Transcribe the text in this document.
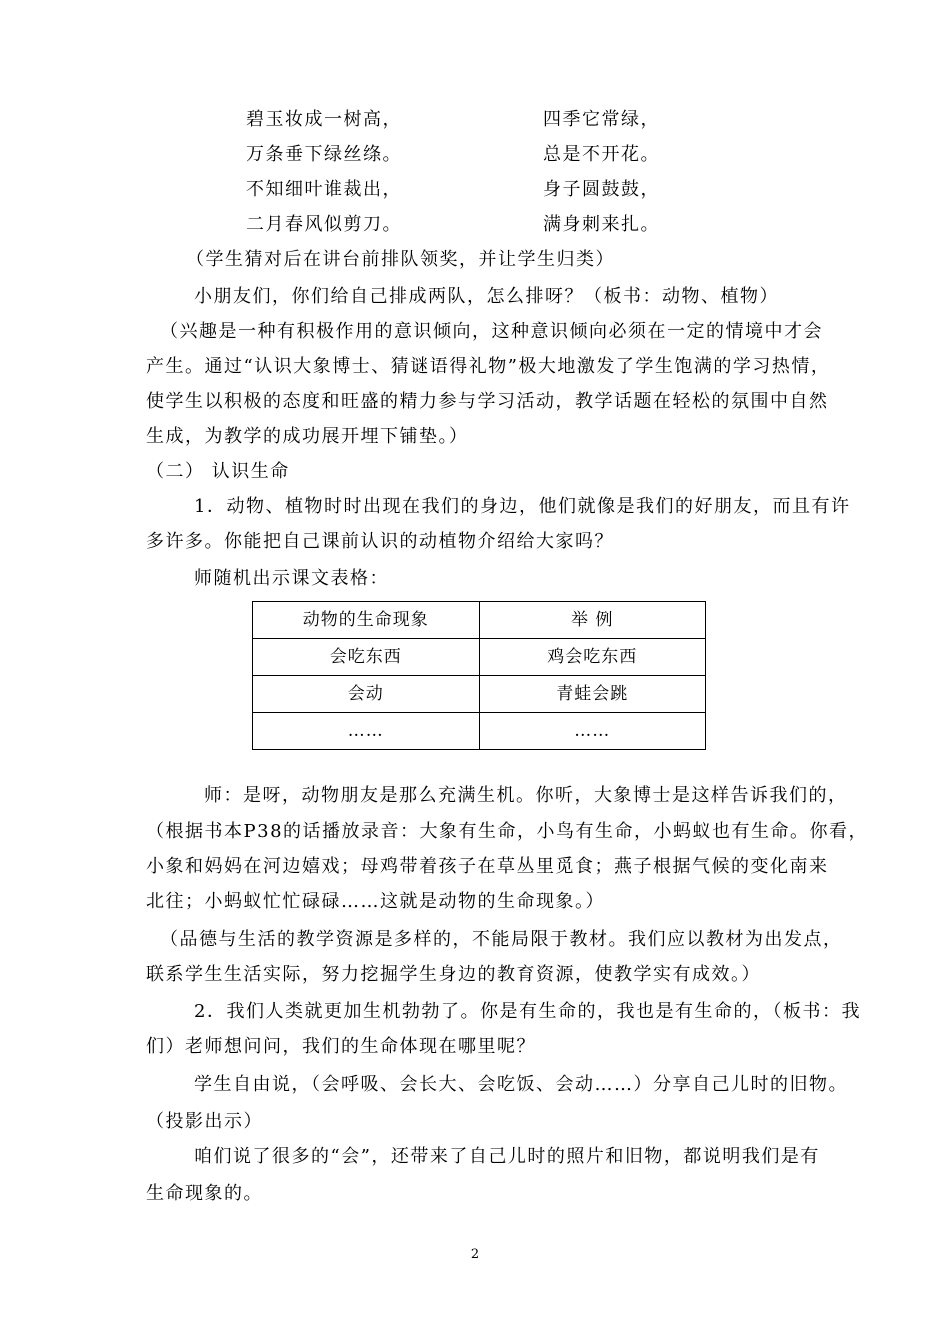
碧玉妆成一树高，	四季它常绿，
万条垂下绿丝绦。	总是不开花。
不知细叶谁裁出，	身子圆鼓鼓，
二月春风似剪刀。	满身刺来扎。
（学生猜对后在讲台前排队领奖，并让学生归类）
小朋友们，你们给自己排成两队，怎么排呀？（板书：动物、植物）
（兴趣是一种有积极作用的意识倾向，这种意识倾向必须在一定的情境中才会
产生。通过“认识大象博士、猜谜语得礼物”极大地激发了学生饱满的学习热情，
使学生以积极的态度和旺盛的精力参与学习活动，教学话题在轻松的氛围中自然
生成，为教学的成功展开埋下铺垫。）
（二） 认识生命
1．动物、植物时时出现在我们的身边，他们就像是我们的好朋友，而且有许
多许多。你能把自己课前认识的动植物介绍给大家吗？
师随机出示课文表格：
动物的生命现象	举 例
会吃东西	鸡会吃东西
会动	青蛙会跳
……	……
师：是呀，动物朋友是那么充满生机。你听，大象博士是这样告诉我们的，
（根据书本P38的话播放录音：大象有生命，小鸟有生命，小蚂蚁也有生命。你看，
小象和妈妈在河边嬉戏；母鸡带着孩子在草丛里觅食；燕子根据气候的变化南来
北往；小蚂蚁忙忙碌碌……这就是动物的生命现象。）
（品德与生活的教学资源是多样的，不能局限于教材。我们应以教材为出发点，
联系学生生活实际，努力挖掘学生身边的教育资源，使教学实有成效。）
2．我们人类就更加生机勃勃了。你是有生命的，我也是有生命的，（板书：我
们）老师想问问，我们的生命体现在哪里呢？
学生自由说，（会呼吸、会长大、会吃饭、会动……）分享自己儿时的旧物。
（投影出示）
咱们说了很多的“会”，还带来了自己儿时的照片和旧物，都说明我们是有
生命现象的。
2
